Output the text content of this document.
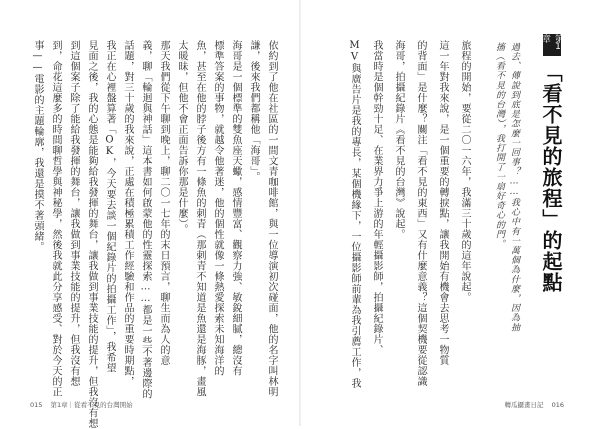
第1章
「看不見的旅程」的起點
過去、傳說到底是怎麼一回事？……我心中有一萬個為什麼，因為抽
搐（看不見的台灣），我打開了一扇好奇心的門。
旅程的開始，要從二〇一六年，我滿三十歲的這年說起。
這一年對我來說，是一個重要的轉捩點，讓我開始有機會去思考一物質
的背面」是什麼？關注「看不見的東西」又有什麼意義？這個契機要從認識
海哥，拍攝紀錄片《看不見的台灣》說起。
我當時是個幹勁十足、在業界力爭上游的年輕攝影師，拍攝紀錄片、
MV與廣告片是我的專長，某個機緣下，一位攝影師前輩為我引薦工作，我
依約到了他在社區的一間文青咖啡館，與一位導演初次碰面，他的名字叫林明
謙，後來我們都稱他「海哥」。
海哥是一個標準的雙魚座天蠍，感情豐富、觀察力強、敏銳細膩，總沒有
標準答案的事物，就越令他著迷，他的個性就像一條熱愛探索未知海洋的
魚，甚至在他的脖子後方有一條魚的刺青（那刺青不知道是魚還是海豚，畫風
太暖昧，但他不會正面告訴你那是什麼）。
那天我們從下午聊到晚上，聊二〇一七年的末日預言，聊生而為人的意
義，聊「輪迴與神話」這本書如何啟蒙他的性靈探索……都是一些不著邊際的
話題，對三十歲的我來說，正處在積極累積工作經驗和作品的重要時期點，
我正在心裡盤算著「OK，今天要去談一個紀錄片的拍攝工作」，我希望
見面之後，我的心態是能夠給我發揮的舞台，讓我做到事業技能的提升，但我沒有想
到這個案子除了能給我發揮的舞台，讓我做到事業技能的提升，但我沒有想
到，命花這麼多的時間聊哲學與神秘學，然後我就此分享感受、對於今天的正
事——電影的主題輪廓，我還是摸不著頭緒。
015 第1章｜從看不見的台灣開始	轉瓜攝畫日記 016
